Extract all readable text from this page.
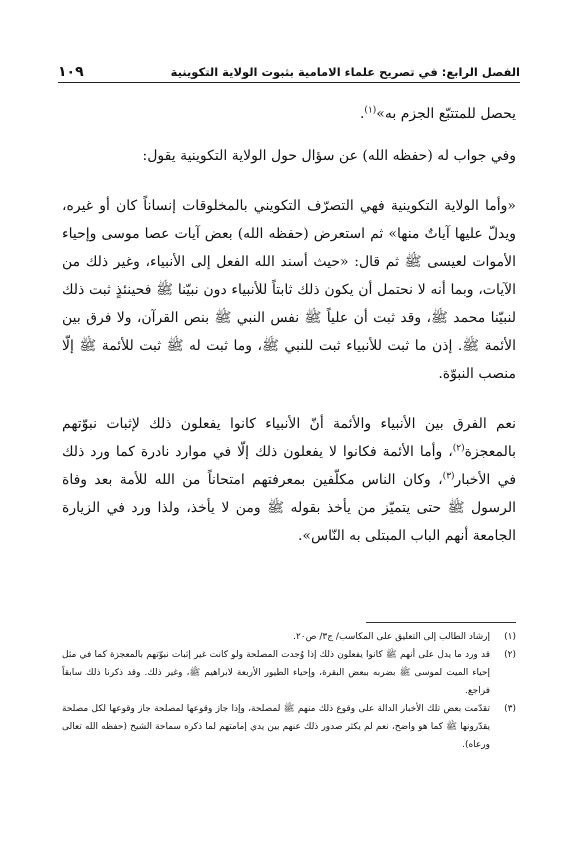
الفصل الرابع: في تصريح علماء الامامية بثبوت الولاية التكوينية
١٠٩

يحصل للمتتبّع الجزم به»$^{(١)}$.

وفي جواب له (حفظه الله) عن سؤال حول الولاية التكوينية يقول:

«وأما الولاية التكوينية فهي التصرّف التكويني بالمخلوقات إنساناً كان أو غيره، ويدلّ عليها آياتٌ منها» ثم استعرض (حفظه الله) بعض آيات عصا موسى وإحياء الأموات لعيسى ﷺ ثم قال: «حيث أسند الله الفعل إلى الأنبياء، وغير ذلك من الآيات، وبما أنه لا نحتمل أن يكون ذلك ثابتاً للأنبياء دون نبيّنا ﷺ فحينئذٍ ثبت ذلك لنبيّنا محمد ﷺ، وقد ثبت أن علياً ﷺ نفس النبي ﷺ بنص القرآن، ولا فرق بين الأئمة ﷺ. إذن ما ثبت للأنبياء ثبت للنبي ﷺ، وما ثبت له ﷺ ثبت للأئمة ﷺ إلّا منصب النبوّة.

نعم الفرق بين الأنبياء والأئمة أنّ الأنبياء كانوا يفعلون ذلك لإثبات نبوّتهم بالمعجزة$^{(٢)}$، وأما الأئمة فكانوا لا يفعلون ذلك إلّا في موارد نادرة كما ورد ذلك في الأخبار$^{(٣)}$، وكان الناس مكلّفين بمعرفتهم امتحاناً من الله للأمة بعد وفاة الرسول ﷺ حتى يتميّز من يأخذ بقوله ﷺ ومن لا يأخذ، ولذا ورد في الزيارة الجامعة أنهم الباب المبتلى به النّاس».

(١)
إرشاد الطالب إلى التعليق على المكاسب/ ج٣/ ص٢٠.
(٢)
قد ورد ما يدل على أنهم ﷺ كانوا يفعلون ذلك إذا وُجدت المصلحة ولو كانت غير إثبات نبوّتهم بالمعجزة كما في مثل إحياء الميت لموسى ﷺ بضربه ببعض البقرة، وإحياء الطيور الأربعة لابراهيم ﷺ، وغير ذلك. وقد ذكرنا ذلك سابقاً فراجع.
(٣)
تقدّمت بعض تلك الأخبار الدالة على وقوع ذلك منهم ﷺ لمصلحة، وإذا جاز وقوعها لمصلحة جاز وقوعها لكل مصلحة يقدّرونها ﷺ كما هو واضح، نعم لم يكثر صدور ذلك عنهم بين يدي إمامتهم لما ذكره سماحة الشيخ (حفظه الله تعالى ورعاه).
